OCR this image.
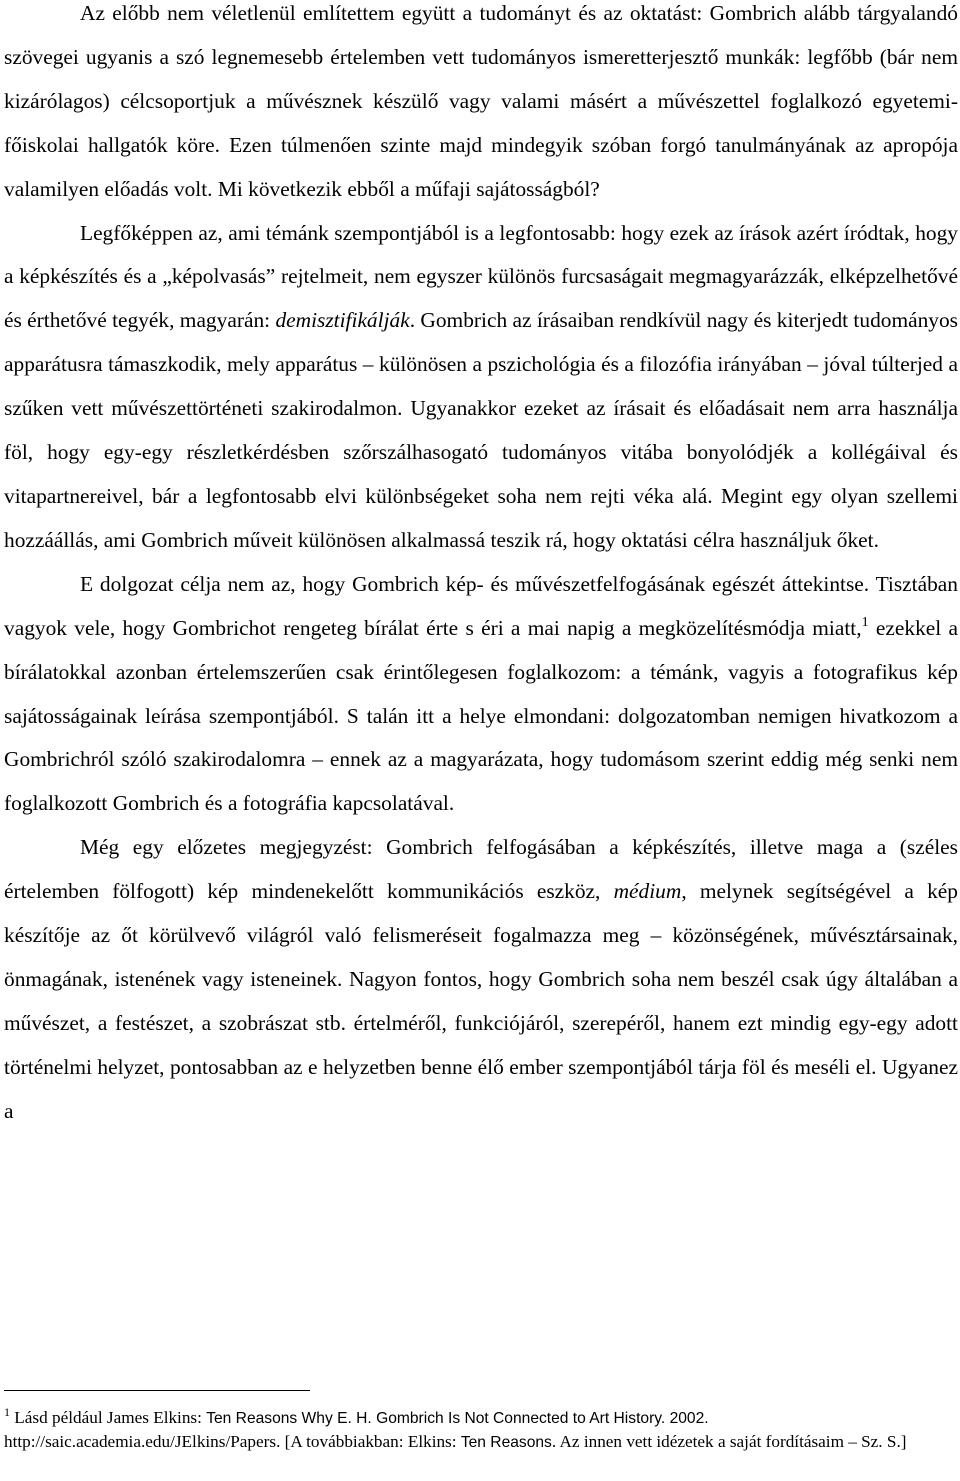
Az előbb nem véletlenül említettem együtt a tudományt és az oktatást: Gombrich alább tárgyalandó szövegei ugyanis a szó legnemesebb értelemben vett tudományos ismeretterjesztő munkák: legfőbb (bár nem kizárólagos) célcsoportjuk a művésznek készülő vagy valami másért a művészettel foglalkozó egyetemi-főiskolai hallgatók köre. Ezen túlmenően szinte majd mindegyik szóban forgó tanulmányának az apropója valamilyen előadás volt. Mi következik ebből a műfaji sajátosságból?

Legfőképpen az, ami témánk szempontjából is a legfontosabb: hogy ezek az írások azért íródtak, hogy a képkészítés és a „képolvasás” rejtelmeit, nem egyszer különös furcsaságait megmagyarázzák, elképzelhetővé és érthetővé tegyék, magyarán: demisztifikálják. Gombrich az írásaiban rendkívül nagy és kiterjedt tudományos apparátusra támaszkodik, mely apparátus – különösen a pszichológia és a filozófia irányában – jóval túlterjed a szűken vett művészettörténeti szakirodalmon. Ugyanakkor ezeket az írásait és előadásait nem arra használja föl, hogy egy-egy részletkérdésben szőrszálhasogató tudományos vitába bonyolódjék a kollégáival és vitapartnereivel, bár a legfontosabb elvi különbségeket soha nem rejti véka alá. Megint egy olyan szellemi hozzáállás, ami Gombrich műveit különösen alkalmassá teszik rá, hogy oktatási célra használjuk őket.

E dolgozat célja nem az, hogy Gombrich kép- és művészetfelfogásának egészét áttekintse. Tisztában vagyok vele, hogy Gombrichot rengeteg bírálat érte s éri a mai napig a megközelítésmódja miatt,$^1$ ezekkel a bírálatokkal azonban értelemszerűen csak érintőlegesen foglalkozom: a témánk, vagyis a fotografikus kép sajátosságainak leírása szempontjából. S talán itt a helye elmondani: dolgozatomban nemigen hivatkozom a Gombrichról szóló szakirodalomra – ennek az a magyarázata, hogy tudomásom szerint eddig még senki nem foglalkozott Gombrich és a fotográfia kapcsolatával.

Még egy előzetes megjegyzést: Gombrich felfogásában a képkészítés, illetve maga a (széles értelemben fölfogott) kép mindenekelőtt kommunikációs eszköz, médium, melynek segítségével a kép készítője az őt körülvevő világról való felismeréseit fogalmazza meg – közönségének, művésztársainak, önmagának, istenének vagy isteneinek. Nagyon fontos, hogy Gombrich soha nem beszél csak úgy általában a művészet, a festészet, a szobrászat stb. értelméről, funkciójáról, szerepéről, hanem ezt mindig egy-egy adott történelmi helyzet, pontosabban az e helyzetben benne élő ember szempontjából tárja föl és meséli el. Ugyanez a

$^1$ Lásd például James Elkins: Ten Reasons Why E. H. Gombrich Is Not Connected to Art History. 2002.
http://saic.academia.edu/JElkins/Papers. [A továbbiakban: Elkins: Ten Reasons. Az innen vett idézetek a saját fordításaim – Sz. S.]
